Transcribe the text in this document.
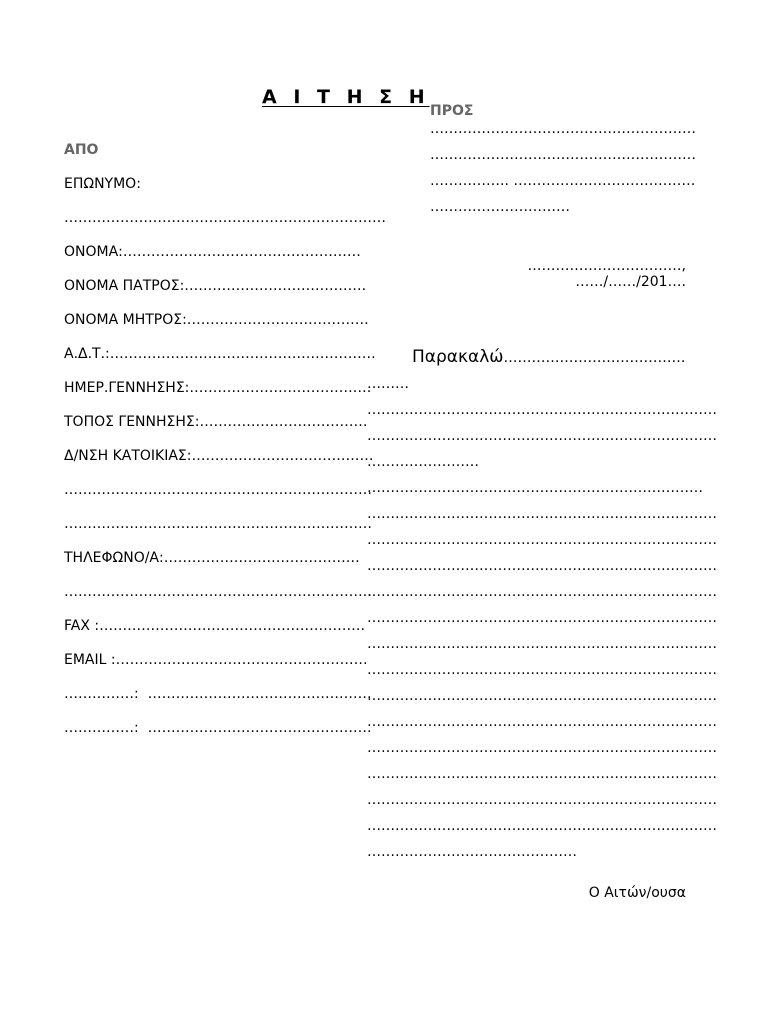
Α Ι Τ Η Σ Η
ΑΠΟ
ΕΠΩΝΥΜΟ:
……………………………………………………………
ΟΝΟΜΑ:……………………………………………
ΟΝΟΜΑ ΠΑΤΡΟΣ:…………………………………
ΟΝΟΜΑ ΜΗΤΡΟΣ:…………………………………
Α.Δ.Τ.:…………………………………………………
ΗΜΕΡ.ΓΕΝΝΗΣΗΣ:…………………………………
ΤΟΠΟΣ ΓΕΝΝΗΣΗΣ:………………………………
Δ/ΝΣΗ ΚΑΤΟΙΚΙΑΣ:…………………………………
…………………………………………………………
…………………………………………………………
ΤΗΛΕΦΩΝΟ/Α:……………………………………
…………………………………………………………
FAX :…………………………………………………
EMAIL :………………………………………………
……………:  …………………………………………
……………:  …………………………………………
ΠΡΟΣ
…………………………………………………
…………………………………………………
…………….. …………………………………
…………………………
……………………………,
……/……/201….
Παρακαλώ…………………………………
………
…………………………………………………………………
…………………………………………………………………
……………………
………………………………………………………………
…………………………………………………………………
…………………………………………………………………
…………………………………………………………………
…………………………………………………………………
…………………………………………………………………
…………………………………………………………………
…………………………………………………………………
…………………………………………………………………
…………………………………………………………………
…………………………………………………………………
…………………………………………………………………
…………………………………………………………………
…………………………………………………………………
………………………………………
Ο Αιτών/ουσα
